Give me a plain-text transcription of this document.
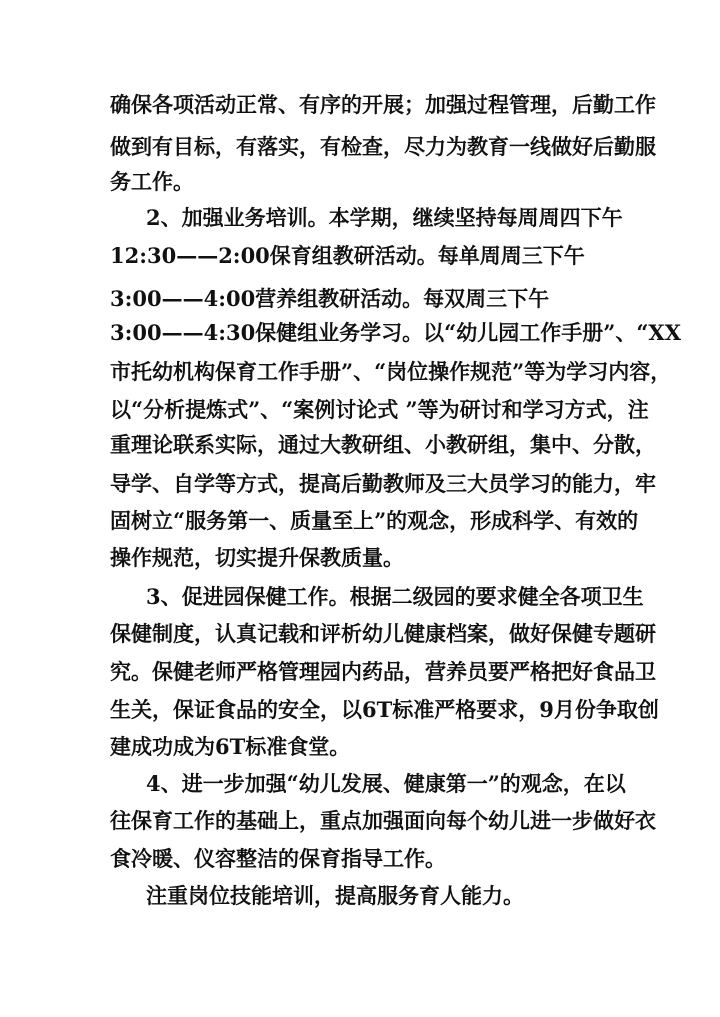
确保各项活动正常、有序的开展；加强过程管理，后勤工作
做到有目标，有落实，有检查，尽力为教育一线做好后勤服
务工作。
2、加强业务培训。本学期，继续坚持每周周四下午
12:30——2:00保育组教研活动。每单周周三下午
3:00——4:00营养组教研活动。每双周三下午
3:00——4:30保健组业务学习。以“幼儿园工作手册”、“XX
市托幼机构保育工作手册”、“岗位操作规范”等为学习内容，
以“分析提炼式”、“案例讨论式 ”等为研讨和学习方式，注
重理论联系实际，通过大教研组、小教研组，集中、分散，
导学、自学等方式，提高后勤教师及三大员学习的能力，牢
固树立“服务第一、质量至上”的观念，形成科学、有效的
操作规范，切实提升保教质量。
3、促进园保健工作。根据二级园的要求健全各项卫生
保健制度，认真记载和评析幼儿健康档案，做好保健专题研
究。保健老师严格管理园内药品，营养员要严格把好食品卫
生关，保证食品的安全，以6T标准严格要求，9月份争取创
建成功成为6T标准食堂。
4、进一步加强“幼儿发展、健康第一”的观念，在以
往保育工作的基础上，重点加强面向每个幼儿进一步做好衣
食冷暖、仪容整洁的保育指导工作。
注重岗位技能培训，提高服务育人能力。
